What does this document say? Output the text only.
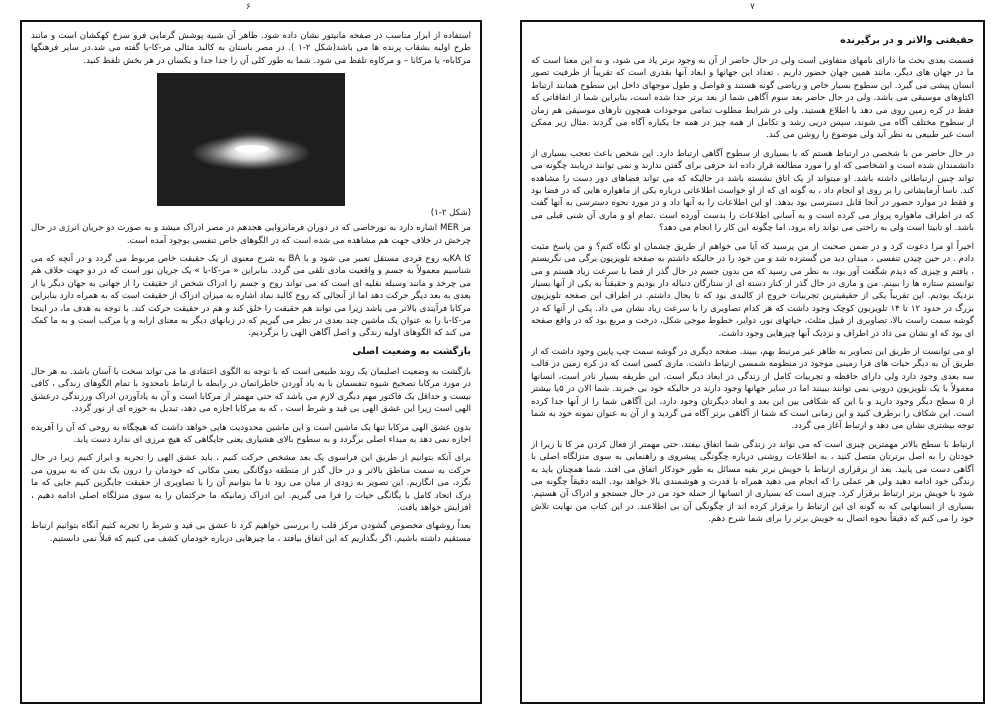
۶	۷

استفاده از ابزار مناسب در صفحه مانیتور نشان داده شود. ظاهر آن شبیه پوشش گرمایی فرو سرخ کهکشان است و مانند طرح اولیه بشقاب پرنده ها می باشد(شکل ۲-۱ ). در مصر باستان به کالبد مثالی مر-کا-با گفته می شد.در سایر فرهنگها مرکاباه- یا مرکابا – و مرکاوه تلفظ می شود. شما به طور کلی آن را جدا جدا و یکسان در هر بخش تلفظ کنید.

(شکل ۲-۱)

مر MER اشاره دارد به نورخاصی که در دوران فرمانروایی هجدهم در مصر ادراک میشد و به صورت دو جریان انرژی در حال چرخش در خلاف جهت هم مشاهده می شده است که در الگوهای خاص تنفسی بوجود آمده است.

کا KAبه روح فردی مستقل تعبیر می شود و با BA به شرح معنوی از یک حقیقت خاص مربوط می گردد و در آنچه که می شناسیم معمولاً به جسم و واقعیت مادی تلقی می گردد. بنابراین « مر-کا-با » یک جریان نور است که در دو جهت خلاف هم می چرخد و مانند وسیله نقلیه ای است که می تواند روح و جسم را ادراک شخص از حقیقت را از جهانی به جهان دیگر یا از بعدی به بعد دیگر حرکت دهد اما از آنجائی که روح کالبد نماد اشاره به میزان ادراک از حقیقت است که به همراه دارد بنابراین مرکابا فرآیندی بالاتر می باشد زیرا می تواند هم حقیقت را خلق کند و هم در حقیقت حرکت کند. با توجه به هدف ما، در اینجا مر-کا-با را به عنوان یک ماشین چند بعدی در نظر می گیریم که در زبانهای دیگر به معنای ارابه و یا مرکب است و به ما کمک می کند که الگوهای اولیه زندگی و اصل آگاهی الهی را برگردیم.

بازگشت به وضعیت اصلی

بازگشت به وضعیت اصلیمان یک روند طبیعی است که با توجه به الگوی اعتقادی ما می تواند سخت یا آسان باشد. به هر حال در مورد مرکابا تصحیح شیوه تنفسمان با به یاد آوردن خاطراتمان در رابطه با ارتباط نامحدود با تمام الگوهای زندگی ، کافی نیست و حداقل یک فاکتور مهم دیگری لازم می باشد که حتی مهمتر از مرکابا است و آن به یادآوردن ادراک ورزندگی درعشق الهی است زیرا این عشق الهی بی قید و شرط است ، که به مرکابا اجازه می دهد، تبدیل به حوزه ای از نور گردد.

بدون عشق الهی مرکابا تنها یک ماشین است و این ماشین محدودیت هایی خواهد داشت که هیچگاه به روحی که آن را آفریده اجازه نمی دهد به مبداء اصلی برگردد و به سطوح بالای هشیاری یعنی جایگاهی که هیچ مرزی ای ندارد دست یابد.

برای آنکه بتوانیم از طریق این فراسوی یک بعد مشخص حرکت کنیم ، باید عشق الهی را تجربه و ابراز کنیم زیرا در حال حرکت به سمت مناطق بالاتر و در حال گذر از منطقه دوگانگی یعنی مکانی که خودمان را درون یک بدن که به بیرون می نگرد، می انگاریم. این تصویر به زودی از میان می رود تا ما بتوانیم آن را با تصاویری از حقیقت جایگزین کنیم جایی که ما درک اتحاد کامل با یگانگی حیات را فرا می گیریم. این ادراک زمانیکه ما حرکتمان را به سوی منزلگاه اصلی ادامه دهیم ، افزایش خواهد یافت.

بعداً روشهای مخصوص گشودن مرکز قلب را بررسی خواهیم کرد تا عشق بی قید و شرط را تجربه کنیم آنگاه بتوانیم ارتباط مستقیم داشته باشیم. اگر بگذاریم که این اتفاق بیافتد ، ما چیزهایی درباره خودمان کشف می کنیم که قبلاً نمی دانستیم.

حقیقتی والاتر و در برگیرنده

قسمت بعدی بحث ما دارای نامهای متفاوتی است ولی در حال حاضر از آن به وجود برتر یاد می شود، و به این معنا است که ما در جهان های دیگر، مانند همین جهان حضور داریم . تعداد این جهانها و ابعاد آنها بقدری است که تقریباً از ظرفیت تصور انسان پیشی می گیرد. این سطوح بسیار خاص و ریاضی گونه هستند و فواصل و طول موجهای داخل این سطوح همانند ارتباط اکتاوهای موسیقی می باشد. ولی در حال حاضر بعد سوم آگاهی شما از بعد برتر جدا شده است، بنابراین شما از اتفاقاتی که فقط در کره زمین روی می دهد با اطلاع هستید. ولی در شرایط مطلوب تمامی موجودات همچون تارهای موسیقی هم زمان از سطوح مختلف آگاه می شوند، سپس دریی رشد و تکامل از همه چیز در همه جا یکباره آگاه می گردند .مثال زیر ممکن است غیر طبیعی به نظر آید ولی موضوع را روشن می کند.

در حال حاضر من با شخصی در ارتباط هستم که با بسیاری از سطوح آگاهی ارتباط دارد. این شخص باعث تعجب بسیاری از دانشمندان شده است و اشخاصی که او را مورد مطالعه قرار داده اند حرفی برای گفتن ندارند و نمی توانند دریابند چگونه می تواند چنین ارتباطاتی داشته باشد. او میتواند از یک اتاق نشسته باشد در حالیکه که می تواند فضاهای دور دست را مشاهده کند. ناسا آزمایشاتی را بر روی او انجام داد ، به گونه ای که از او خواست اطلاعاتی درباره یکی از ماهواره هایی که در فضا بود و فقط در موارد حضور در آنجا قابل دسترسی بود بدهد. او این اطلاعات را به آنها داد و در مورد نحوه دسترسی به آنها گفت که در اطراف ماهواره پرواز می کرده است و به آسانی اطلاعات را بدست آورده است .تمام او و ماری آن شنی قبلی می باشد. او تابیتا است ولی به راحتی می تواند راه برود. اما چگونه این کار را انجام می دهد؟

اخیراً او مرا دعوت کرد و در ضمن صحبت از من پرسید که آیا می خواهم از طریق چشمان او نگاه کنم؟ و من پاسخ مثبت دادم . در حین چیدن تنفسی ، میدان دید من گسترده شد و من خود را در حالیکه داشتم به صفحه تلویزیون برگی می نگریستم ، یافتم و چیزی که دیدم شگفت آور بود. به نظر می رسید که من بدون جسم در حال گذر از فضا با سرعت زیاد هستم و می توانستم ستاره ها را ببینم. من و ماری در حال گذر از کنار دسته ای از ستارگان دنباله دار بودیم و حقیقتاً به یکی از آنها بسیار نزدیک بودیم. این تقریباً یکی از حقیقیترین تجربیات خروج از کالبدی بود که تا بحال داشتم. در اطراف این صفحه تلویزیون بزرگ در حدود ۱۲ تا ۱۴ تلویزیون کوچک وجود داشت که هر کدام تصاویری را با سرعت زیاد نشان می داد. یکی از آنها که در گوشه سمت راست بالا، تصاویری از قبیل مثلث، حیاتهای نور، دوایر، خطوط موجی شکل، درخت و مربع بود که در واقع صفحه ای بود که او نشان می داد در اطراف و نزدیک آنها چیزهایی وجود داشت.

او می توانست از طریق این تصاویر به ظاهر غیر مرتبط بهم، ببیند. صفحه دیگری در گوشه سمت چپ پایین وجود داشت که از طریق آن به دیگر حیات های فرا زمینی موجود در منظومه شمسی ارتباط داشت. ماری کسی است که در کره زمین در قالب سه بعدی وجود دارد ولی دارای حافظه و تجربیات کامل از زندگی در ابعاد دیگر است. این طریقه بسیار نادر است، انسانها معمولاً با یک تلویزیون درونی نمی توانند ببینند اما در سایر جهانها وجود دارند در حالیکه خود بی خبرند. شما الان در ۵یا بیشتر از ۵ سطح دیگر وجود دارید و با این که شکافی بین این بعد و ابعاد دیگرتان وجود دارد، این آگاهی شما را از آنها جدا کرده است. این شکاف را برطرف کنید و این زمانی است که شما از آگاهی برتر آگاه می گردید و از آن به عنوان نمونه خود به شما توجه بیشتری نشان می دهد و ارتباط آغاز می گردد.

ارتباط با سطح بالاتر مهمترین چیزی است که می تواند در زندگی شما اتفاق بیفتد، حتی مهمتر از فعال کردن مر کا با زیرا از خودتان را به اصل برترتان متصل کنید ، به اطلاعات روشنی درباره چگونگی پیشروی و راهنمایی به سوی منزلگاه اصلی با آگاهی دست می یابید. بعد از برقراری ارتباط با خویش برتر بقیه مسائل به طور خودکار اتفاق می افتد. شما همچنان باید به زندگی خود ادامه دهید ولی هر عملی را که انجام می دهید همراه با قدرت و هوشمندی بالا خواهد بود. البته دقیقاً چگونه می شود با خویش برتر ارتباط برقرار کرد. چیزی است که بسیاری از انسانها از حمله خود من در حال جستجو و ادراک آن هستیم. بسیاری از انسانهایی که به گونه ای این ارتباط را برقرار کرده اند از چگونگی آن بی اطلاعند. در این کتاب من نهایت تلاش خود را می کنم که دقیقاً نحوه اتصال به خویش برتر را برای شما شرح دهم.
